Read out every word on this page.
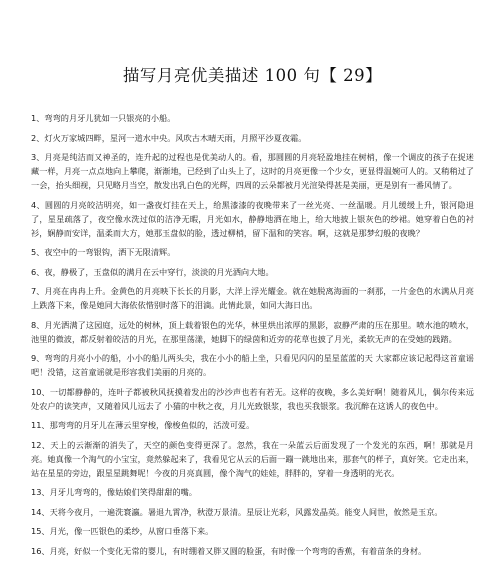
描写月亮优美描述 100 句【 29】

1、弯弯的月牙儿犹如一只银亮的小船。

2、灯火万家城四畔，星河一道水中央。风吹古木晴天雨，月照平沙夏夜霜。

3、月亮是纯洁而又神圣的，连升起的过程也是优美动人的。看，那圆圆的月亮轻盈地挂在树梢，像一个调皮的孩子在捉迷藏一样，月亮一点点地向上攀爬，渐渐地，已经到了山头上了，这时的月亮更像一个少女，更显得温婉可人的。又稍稍过了一会，抬头细视，只见略月当空，散发出乳白色的光辉，四周的云朵都被月光渲染得甚是美丽，更是别有一番风情了。

4、圆圆的月亮皎洁明亮，如一盏夜灯挂在天上，给黑漆漆的夜晚带来了一丝光亮、一丝温暖。月儿缓缓上升，银河隐退了，星星疏落了，夜空像水洗过似的洁净无暇，月光如水，静静地洒在地上，给大地披上银灰色的纱裙。她穿着白色的衬衫，娴静而安详，温柔而大方，她那玉盘似的脸，透过柳梢，留下温和的笑容。啊，这就是那梦幻般的夜晚？

5、夜空中的一弯银钩，洒下无限清辉。

6、夜，静极了，玉盘似的满月在云中穿行，淡淡的月光洒向大地。

7、月亮在冉冉上升。金黄色的月亮映下长长的月影，大洋上浮光耀金。就在她脱离海面的一刹那，一片金色的水满从月亮上跌落下来，像是她同大海依依惜别时落下的泪滴。此情此景，如同大海日出。

8、月光洒满了这园庭，远处的树林，顶上载着银色的光华，林里烘出浓厚的黑影，寂静严肃的压在那里。喷水池的喷水，池里的微波，都反射着皎洁的月光，在那里荡漾，她脚下的绿茵和近旁的花草也披了月光，柔软无声的在受她的践踏。

9、弯弯的月亮小小的船，小小的船儿两头尖，我在小小的船上坐，只看见闪闪的星星蓝蓝的天 大家都应该记起得这首童谣吧！没错，这首童谣就是形容我们美丽的月亮的。

10、一切都静静的，连叶子都被秋风抚摸着发出的沙沙声也若有若无。这样的夜晚，多么美好啊！随着风儿，偶尔传来远处农户的读笑声，又随着风儿远去了 小猫的中秋之夜，月儿光致银浆，我也买我银浆。我沉醉在这诱人的夜色中。

11、那弯弯的月牙儿在薄云里穿梭，像梭鱼似的，活泼可爱。

12、天上的云渐渐的消失了，天空的颜色变得更深了。忽然，我在一朵蓝云后面发现了一个发光的东西，啊！那就是月亮。她真像一个淘气的小宝宝，竟然躲起来了，我看见它从云的后面一蹦一跳地出来，那套气的样子，真好笑。它走出来，站在星星的旁边，跟星星跳舞呢！今夜的月亮真圆，像个淘气的娃娃，胖胖的，穿着一身透明的光衣。

13、月牙儿弯弯的，像姑娘们笑得甜甜的嘴。

14、天将今夜月，一遍洗寰瀛。暑退九霄净，秋澄万景清。星辰让光彩，风露发晶英。能变人间世，攸然是玉京。

15、月光，像一匹银色的柔纱，从窗口垂落下来。

16、月亮，好似一个变化无常的婴儿，有时绷着又胖又圆的脸蛋，有时像一个弯弯的香蕉，有着苗条的身材。
